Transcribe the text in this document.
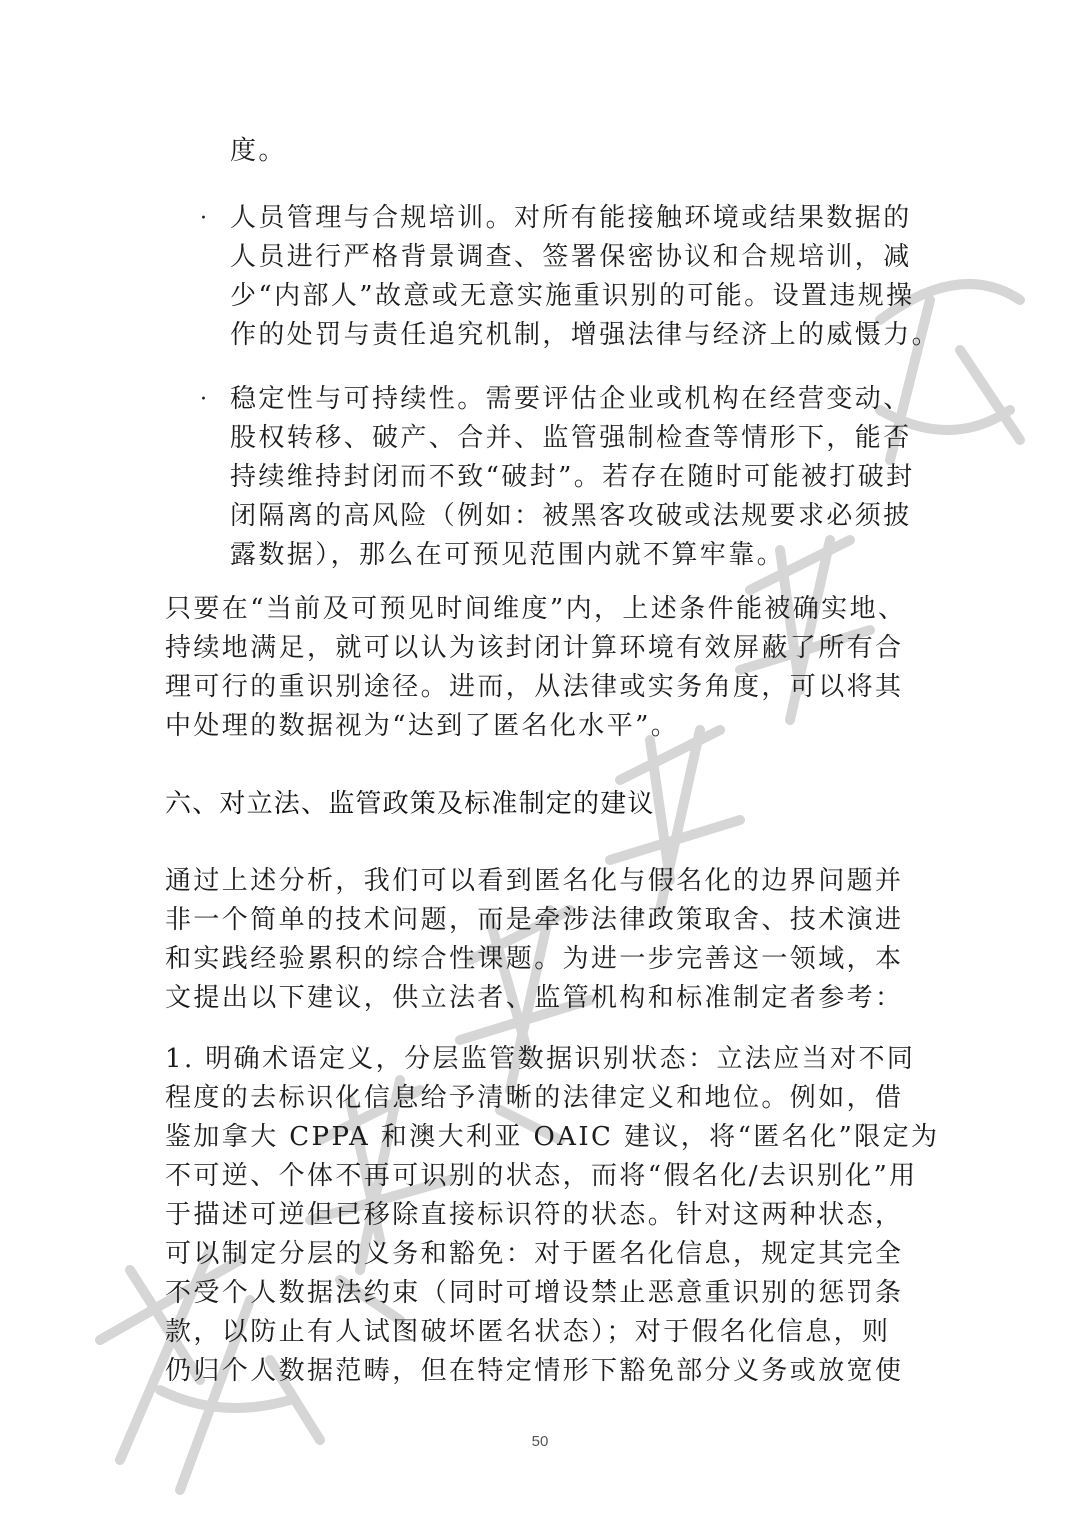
度。

· 人员管理与合规培训。对所有能接触环境或结果数据的
人员进行严格背景调查、签署保密协议和合规培训，减
少“内部人”故意或无意实施重识别的可能。设置违规操
作的处罚与责任追究机制，增强法律与经济上的威慑力。

· 稳定性与可持续性。需要评估企业或机构在经营变动、
股权转移、破产、合并、监管强制检查等情形下，能否
持续维持封闭而不致“破封”。若存在随时可能被打破封
闭隔离的高风险（例如：被黑客攻破或法规要求必须披
露数据），那么在可预见范围内就不算牢靠。

只要在“当前及可预见时间维度”内，上述条件能被确实地、
持续地满足，就可以认为该封闭计算环境有效屏蔽了所有合
理可行的重识别途径。进而，从法律或实务角度，可以将其
中处理的数据视为“达到了匿名化水平”。

六、对立法、监管政策及标准制定的建议

通过上述分析，我们可以看到匿名化与假名化的边界问题并
非一个简单的技术问题，而是牵涉法律政策取舍、技术演进
和实践经验累积的综合性课题。为进一步完善这一领域，本
文提出以下建议，供立法者、监管机构和标准制定者参考：

1. 明确术语定义，分层监管数据识别状态：立法应当对不同
程度的去标识化信息给予清晰的法律定义和地位。例如，借
鉴加拿大 CPPA 和澳大利亚 OAIC 建议，将“匿名化”限定为
不可逆、个体不再可识别的状态，而将“假名化/去识别化”用
于描述可逆但已移除直接标识符的状态。针对这两种状态，
可以制定分层的义务和豁免：对于匿名化信息，规定其完全
不受个人数据法约束（同时可增设禁止恶意重识别的惩罚条
款，以防止有人试图破坏匿名状态）；对于假名化信息，则
仍归个人数据范畴，但在特定情形下豁免部分义务或放宽使

50
